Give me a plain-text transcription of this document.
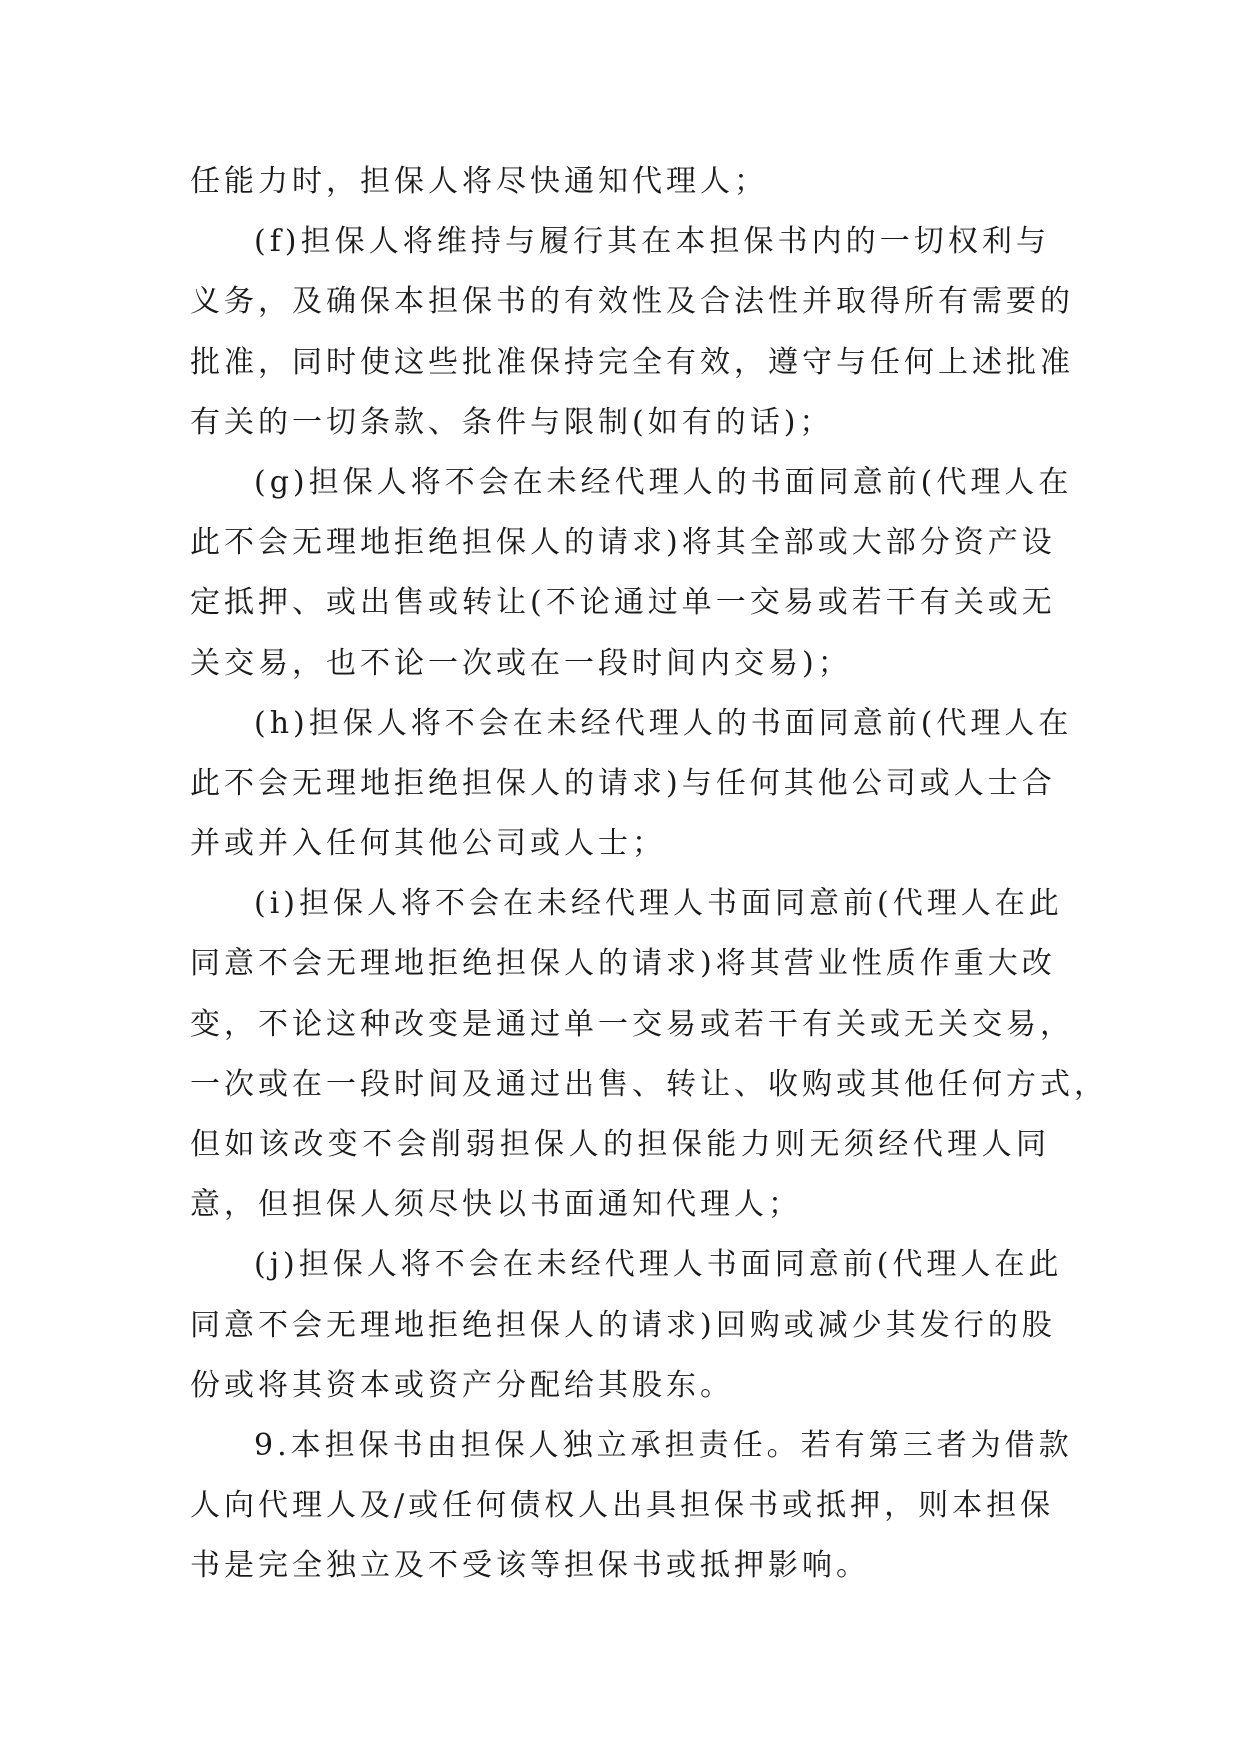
任能力时，担保人将尽快通知代理人；
(f)担保人将维持与履行其在本担保书内的一切权利与
义务，及确保本担保书的有效性及合法性并取得所有需要的
批准，同时使这些批准保持完全有效，遵守与任何上述批准
有关的一切条款、条件与限制(如有的话)；
(g)担保人将不会在未经代理人的书面同意前(代理人在
此不会无理地拒绝担保人的请求)将其全部或大部分资产设
定抵押、或出售或转让(不论通过单一交易或若干有关或无
关交易，也不论一次或在一段时间内交易)；
(h)担保人将不会在未经代理人的书面同意前(代理人在
此不会无理地拒绝担保人的请求)与任何其他公司或人士合
并或并入任何其他公司或人士；
(i)担保人将不会在未经代理人书面同意前(代理人在此
同意不会无理地拒绝担保人的请求)将其营业性质作重大改
变，不论这种改变是通过单一交易或若干有关或无关交易，
一次或在一段时间及通过出售、转让、收购或其他任何方式，
但如该改变不会削弱担保人的担保能力则无须经代理人同
意，但担保人须尽快以书面通知代理人；
(j)担保人将不会在未经代理人书面同意前(代理人在此
同意不会无理地拒绝担保人的请求)回购或减少其发行的股
份或将其资本或资产分配给其股东。
9.本担保书由担保人独立承担责任。若有第三者为借款
人向代理人及/或任何债权人出具担保书或抵押，则本担保
书是完全独立及不受该等担保书或抵押影响。
